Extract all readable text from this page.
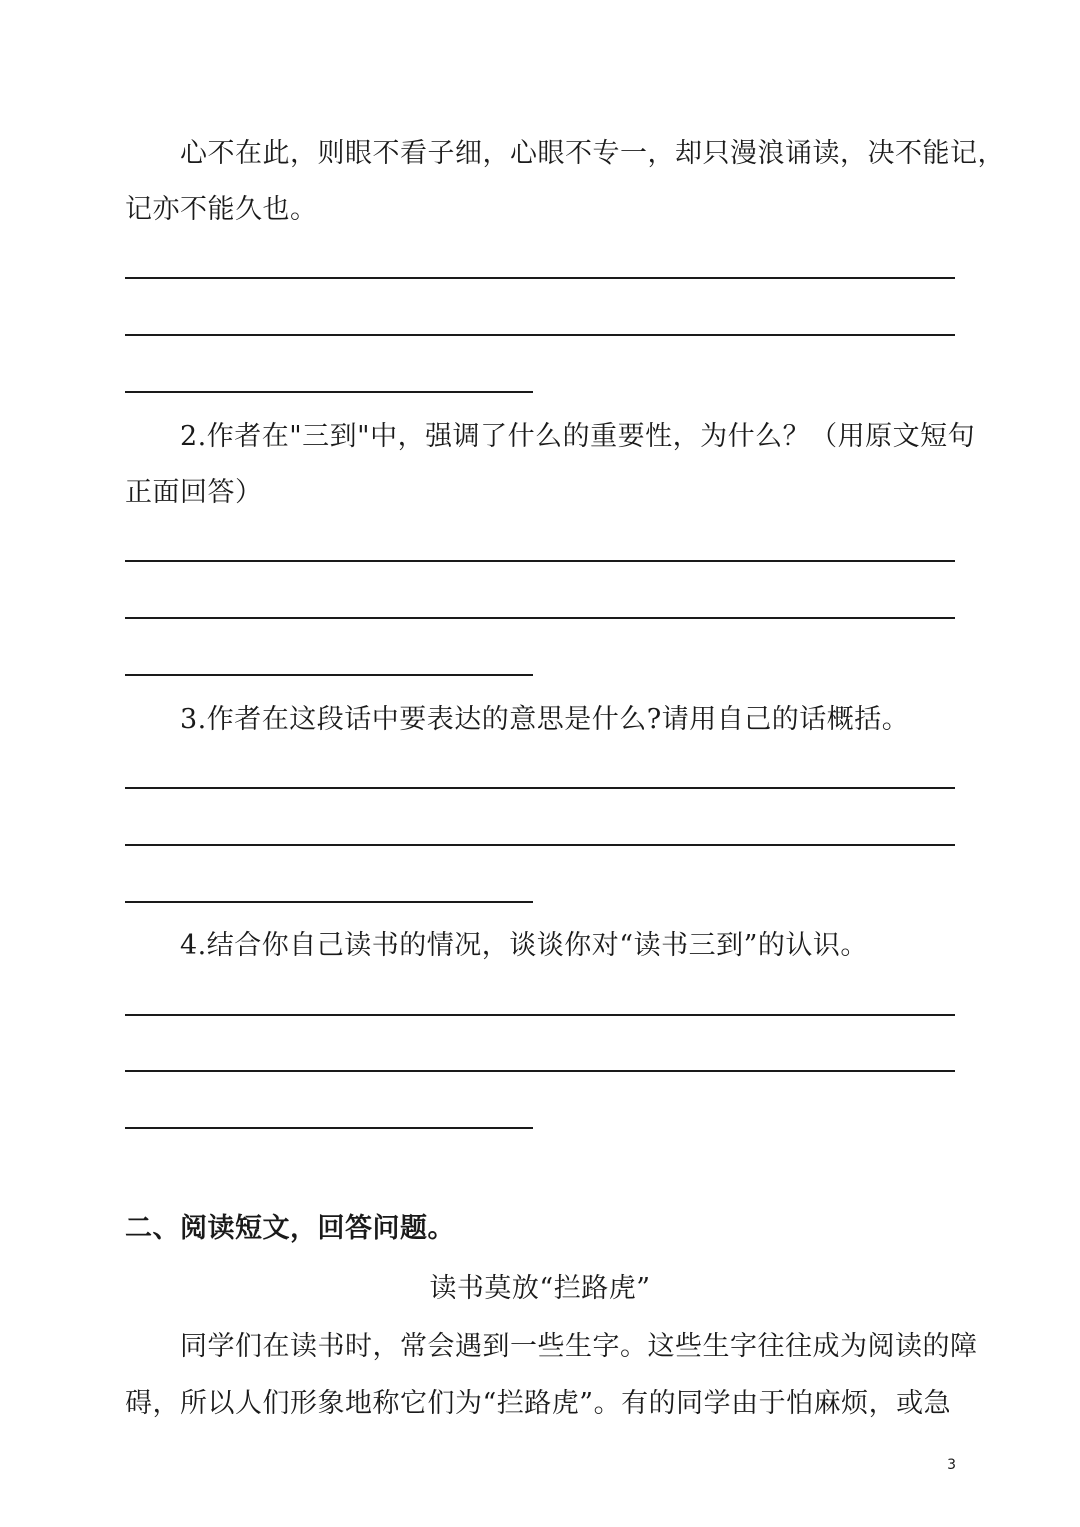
心不在此，则眼不看子细，心眼不专一，却只漫浪诵读，决不能记，
记亦不能久也。
2.作者在"三到"中，强调了什么的重要性，为什么？（用原文短句
正面回答）
3.作者在这段话中要表达的意思是什么?请用自己的话概括。
4.结合你自己读书的情况，谈谈你对“读书三到”的认识。
二、阅读短文，回答问题。
读书莫放“拦路虎”
同学们在读书时，常会遇到一些生字。这些生字往往成为阅读的障
碍，所以人们形象地称它们为“拦路虎”。有的同学由于怕麻烦，或急
3
